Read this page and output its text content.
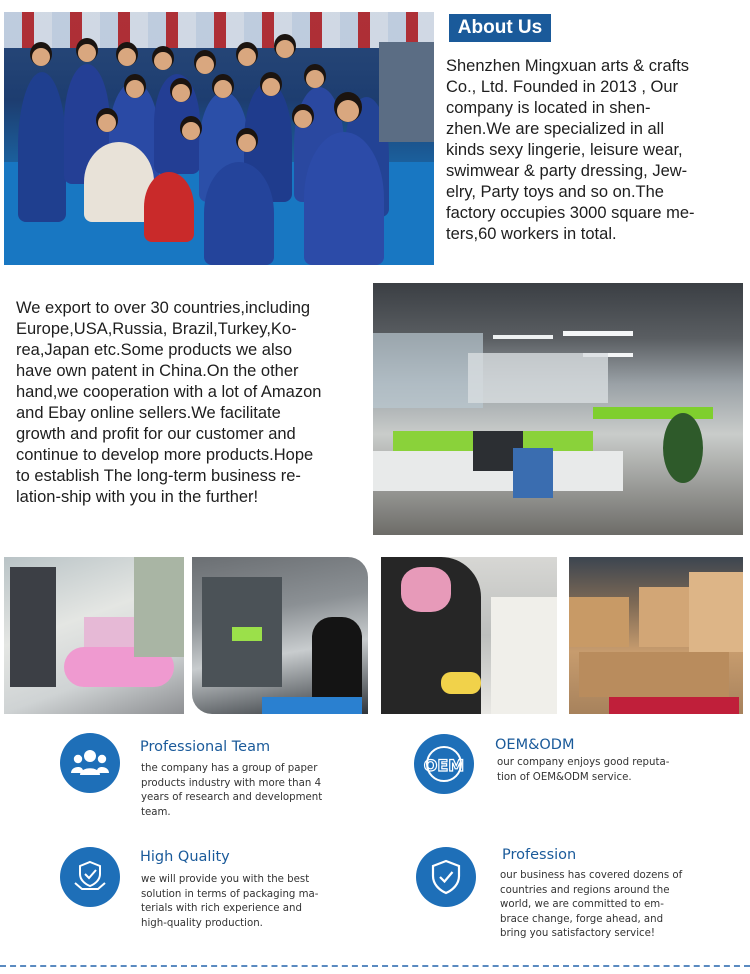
About Us
Shenzhen Mingxuan arts & crafts
Co., Ltd. Founded in 2013 , Our
company is located in shen-
zhen.We are specialized in all
kinds sexy lingerie, leisure wear,
swimwear & party dressing, Jew-
elry, Party toys and so on.The
factory occupies 3000 square me-
ters,60 workers in total.
We export to over 30 countries,including
Europe,USA,Russia, Brazil,Turkey,Ko-
rea,Japan etc.Some products we also
have own patent in China.On the other
hand,we cooperation with a lot of Amazon
and Ebay online sellers.We facilitate
growth and profit for our customer and
continue to develop more products.Hope
to establish The long-term business re-
lation-ship with you in the further!
Professional Team
the company has a group of paper
products industry with more than 4
years of research and development
team.
OEM
OEM&ODM
our company enjoys good reputa-
tion of OEM&ODM service.
High Quality
we will provide you with the best
solution in terms of packaging ma-
terials with rich experience and
high-quality production.
Profession
our business has covered dozens of
countries and regions around the
world, we are committed to em-
brace change, forge ahead, and
bring you satisfactory service!
